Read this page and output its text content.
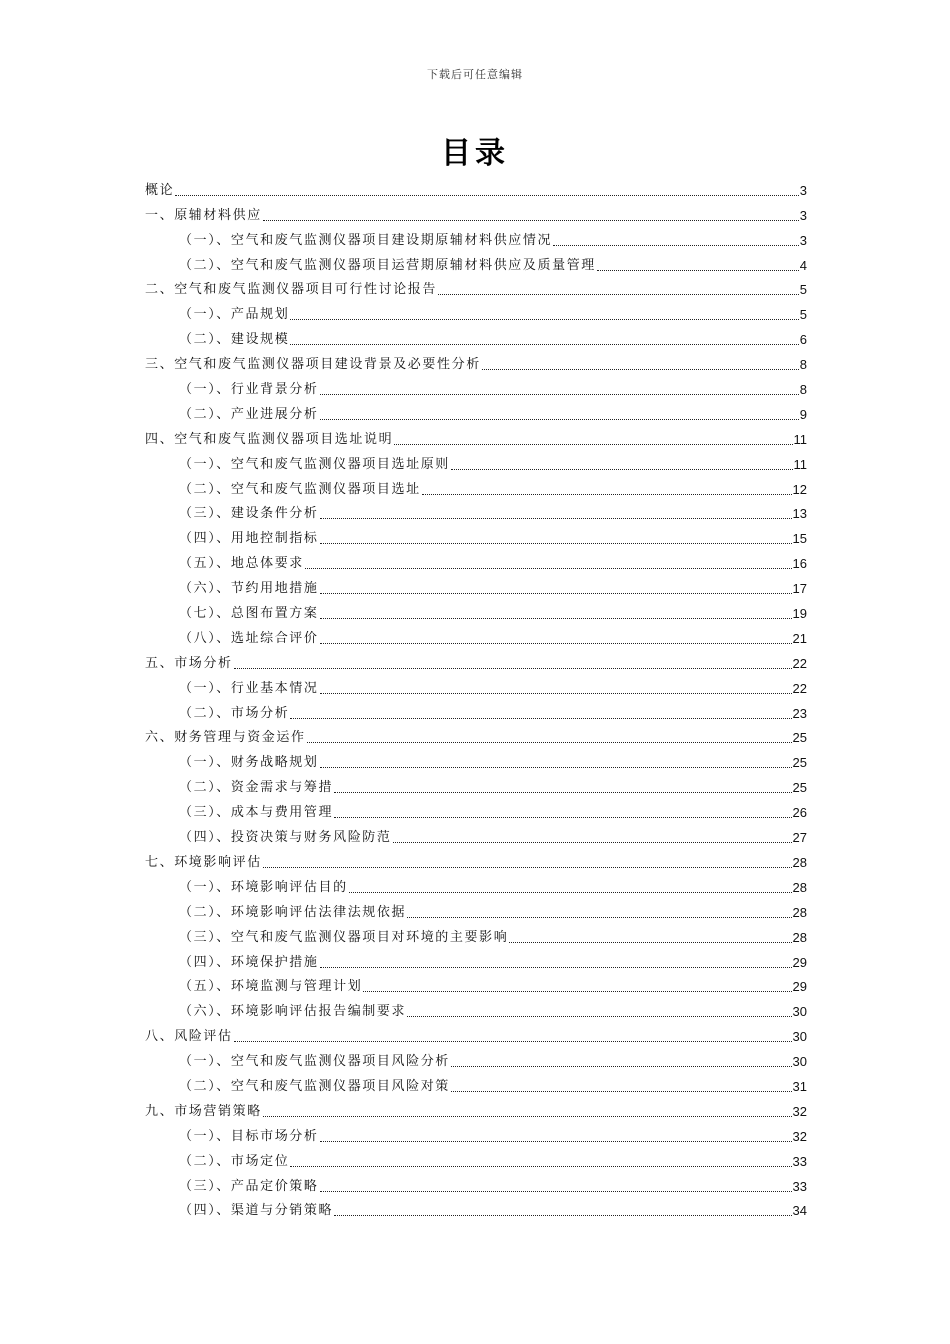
下载后可任意编辑
目录
概论	3
一、原辅材料供应	3
（一）、空气和废气监测仪器项目建设期原辅材料供应情况	3
（二）、空气和废气监测仪器项目运营期原辅材料供应及质量管理	4
二、空气和废气监测仪器项目可行性讨论报告	5
（一）、产品规划	5
（二）、建设规模	6
三、空气和废气监测仪器项目建设背景及必要性分析	8
（一）、行业背景分析	8
（二）、产业进展分析	9
四、空气和废气监测仪器项目选址说明	11
（一）、空气和废气监测仪器项目选址原则	11
（二）、空气和废气监测仪器项目选址	12
（三）、建设条件分析	13
（四）、用地控制指标	15
（五）、地总体要求	16
（六）、节约用地措施	17
（七）、总图布置方案	19
（八）、选址综合评价	21
五、市场分析	22
（一）、行业基本情况	22
（二）、市场分析	23
六、财务管理与资金运作	25
（一）、财务战略规划	25
（二）、资金需求与筹措	25
（三）、成本与费用管理	26
（四）、投资决策与财务风险防范	27
七、环境影响评估	28
（一）、环境影响评估目的	28
（二）、环境影响评估法律法规依据	28
（三）、空气和废气监测仪器项目对环境的主要影响	28
（四）、环境保护措施	29
（五）、环境监测与管理计划	29
（六）、环境影响评估报告编制要求	30
八、风险评估	30
（一）、空气和废气监测仪器项目风险分析	30
（二）、空气和废气监测仪器项目风险对策	31
九、市场营销策略	32
（一）、目标市场分析	32
（二）、市场定位	33
（三）、产品定价策略	33
（四）、渠道与分销策略	34
